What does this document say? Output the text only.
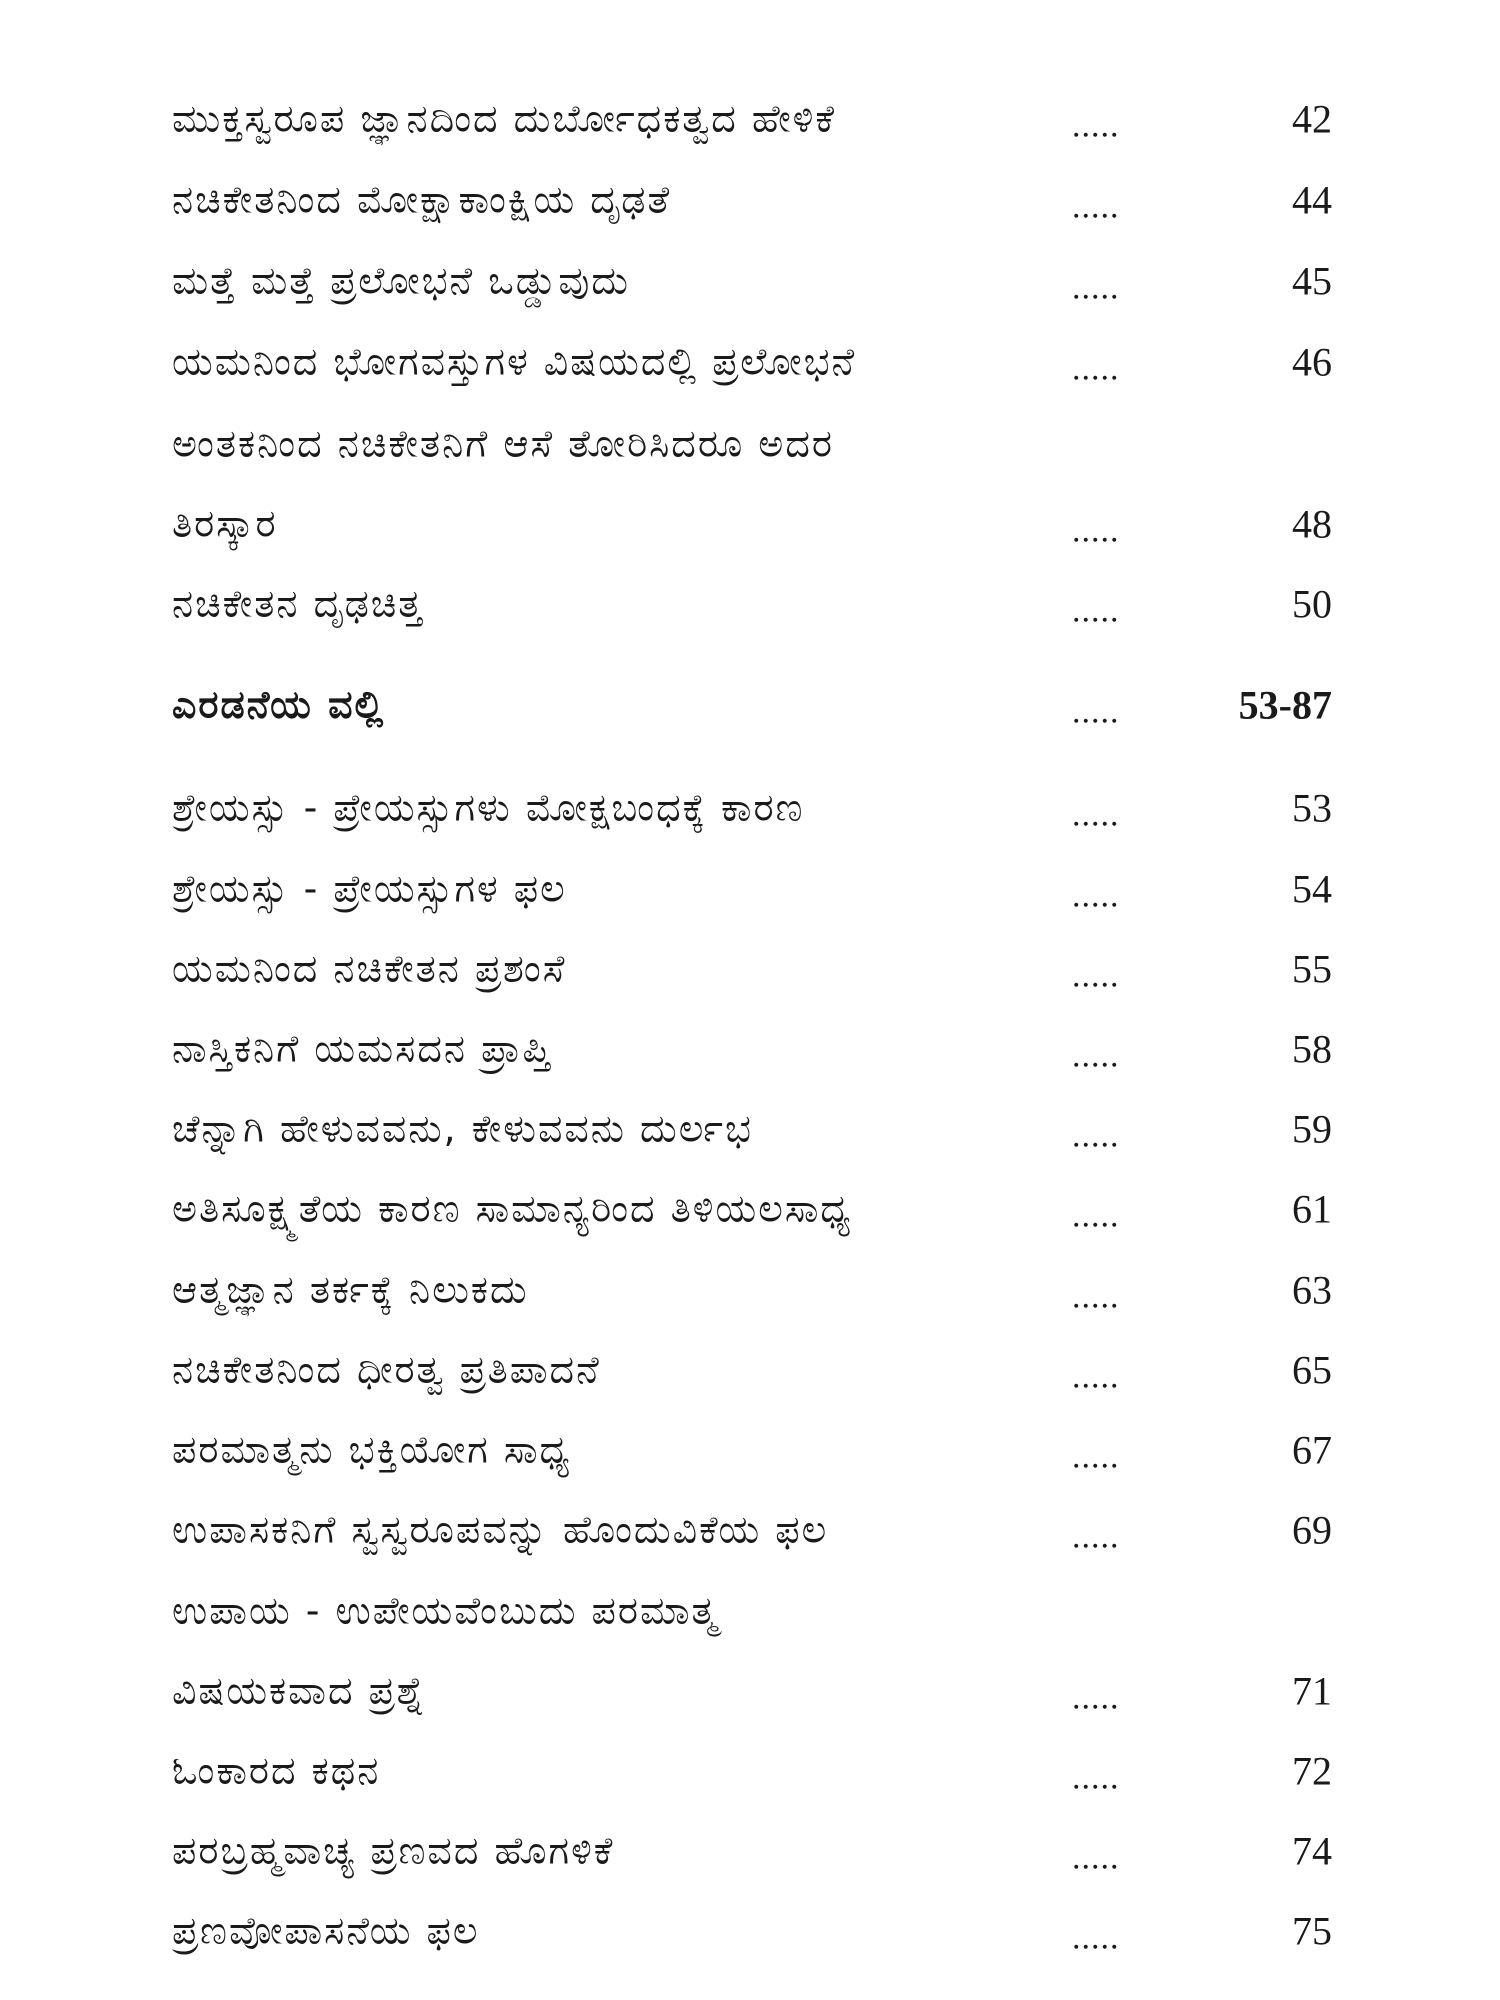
ಮುಕ್ತಸ್ವರೂಪ ಜ್ಞಾನದಿಂದ ದುರ್ಬೋಧಕತ್ವದ ಹೇಳಿಕೆ	.....	42
ನಚಿಕೇತನಿಂದ ಮೋಕ್ಷಾಕಾಂಕ್ಷಿಯ ದೃಢತೆ	.....	44
ಮತ್ತೆ ಮತ್ತೆ ಪ್ರಲೋಭನೆ ಒಡ್ಡುವುದು	.....	45
ಯಮನಿಂದ ಭೋಗವಸ್ತುಗಳ ವಿಷಯದಲ್ಲಿ ಪ್ರಲೋಭನೆ	.....	46
ಅಂತಕನಿಂದ ನಚಿಕೇತನಿಗೆ ಆಸೆ ತೋರಿಸಿದರೂ ಅದರ
ತಿರಸ್ಕಾರ	.....	48
ನಚಿಕೇತನ ದೃಢಚಿತ್ತ	.....	50
ಎರಡನೆಯ ವಲ್ಲಿ	.....	53-87
ಶ್ರೇಯಸ್ಸು - ಪ್ರೇಯಸ್ಸುಗಳು ಮೋಕ್ಷಬಂಧಕ್ಕೆ ಕಾರಣ	.....	53
ಶ್ರೇಯಸ್ಸು - ಪ್ರೇಯಸ್ಸುಗಳ ಫಲ	.....	54
ಯಮನಿಂದ ನಚಿಕೇತನ ಪ್ರಶಂಸೆ	.....	55
ನಾಸ್ತಿಕನಿಗೆ ಯಮಸದನ ಪ್ರಾಪ್ತಿ	.....	58
ಚೆನ್ನಾಗಿ ಹೇಳುವವನು, ಕೇಳುವವನು ದುರ್ಲಭ	.....	59
ಅತಿಸೂಕ್ಷ್ಮತೆಯ ಕಾರಣ ಸಾಮಾನ್ಯರಿಂದ ತಿಳಿಯಲಸಾಧ್ಯ	.....	61
ಆತ್ಮಜ್ಞಾನ ತರ್ಕಕ್ಕೆ ನಿಲುಕದು	.....	63
ನಚಿಕೇತನಿಂದ ಧೀರತ್ವ ಪ್ರತಿಪಾದನೆ	.....	65
ಪರಮಾತ್ಮನು ಭಕ್ತಿಯೋಗ ಸಾಧ್ಯ	.....	67
ಉಪಾಸಕನಿಗೆ ಸ್ವಸ್ವರೂಪವನ್ನು ಹೊಂದುವಿಕೆಯ ಫಲ	.....	69
ಉಪಾಯ - ಉಪೇಯವೆಂಬುದು ಪರಮಾತ್ಮ
ವಿಷಯಕವಾದ ಪ್ರಶ್ನೆ	.....	71
ಓಂಕಾರದ ಕಥನ	.....	72
ಪರಬ್ರಹ್ಮವಾಚ್ಯ ಪ್ರಣವದ ಹೊಗಳಿಕೆ	.....	74
ಪ್ರಣವೋಪಾಸನೆಯ ಫಲ	.....	75
